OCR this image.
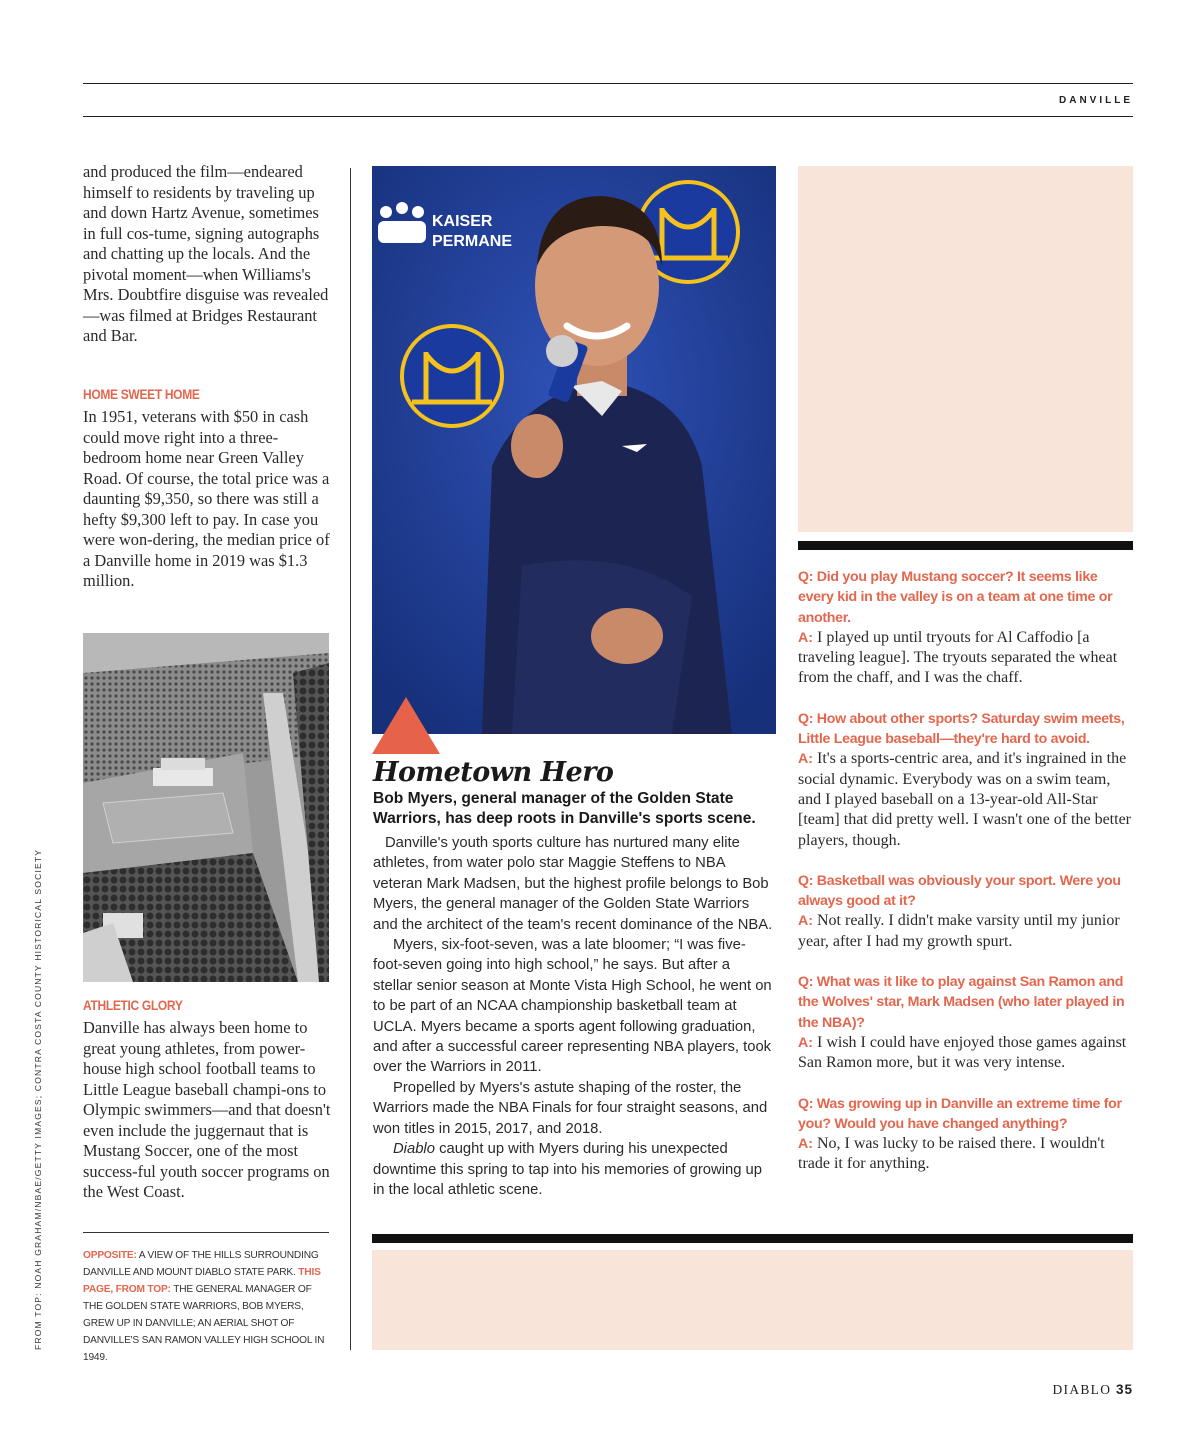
DANVILLE
and produced the film—endeared himself to residents by traveling up and down Hartz Avenue, sometimes in full cos-tume, signing autographs and chatting up the locals. And the pivotal moment—when Williams's Mrs. Doubtfire disguise was revealed—was filmed at Bridges Restaurant and Bar.
HOME SWEET HOME
In 1951, veterans with $50 in cash could move right into a three-bedroom home near Green Valley Road. Of course, the total price was a daunting $9,350, so there was still a hefty $9,300 left to pay. In case you were won-dering, the median price of a Danville home in 2019 was $1.3 million.
ATHLETIC GLORY
Danville has always been home to great young athletes, from power-house high school football teams to Little League baseball champi-ons to Olympic swimmers—and that doesn't even include the juggernaut that is Mustang Soccer, one of the most success-ful youth soccer programs on the West Coast.
OPPOSITE: A VIEW OF THE HILLS SURROUNDING DANVILLE AND MOUNT DIABLO STATE PARK. THIS PAGE, FROM TOP: THE GENERAL MANAGER OF THE GOLDEN STATE WARRIORS, BOB MYERS, GREW UP IN DANVILLE; AN AERIAL SHOT OF DANVILLE'S SAN RAMON VALLEY HIGH SCHOOL IN 1949.
FROM TOP: NOAH GRAHAM/NBAE/GETTY IMAGES; CONTRA COSTA COUNTY HISTORICAL SOCIETY
KAISER
PERMANE
Hometown Hero
Bob Myers, general manager of the Golden State Warriors, has deep roots in Danville's sports scene.

Danville's youth sports culture has nurtured many elite athletes, from water polo star Maggie Steffens to NBA veteran Mark Madsen, but the highest profile belongs to Bob Myers, the general manager of the Golden State Warriors and the architect of the team's recent dominance of the NBA.

Myers, six-foot-seven, was a late bloomer; “I was five-foot-seven going into high school,” he says. But after a stellar senior season at Monte Vista High School, he went on to be part of an NCAA championship basketball team at UCLA. Myers became a sports agent following graduation, and after a successful career representing NBA players, took over the Warriors in 2011.

Propelled by Myers's astute shaping of the roster, the Warriors made the NBA Finals for four straight seasons, and won titles in 2015, 2017, and 2018.

Diablo caught up with Myers during his unexpected downtime this spring to tap into his memories of growing up in the local athletic scene.

Q: Did you play Mustang soccer? It seems like every kid in the valley is on a team at one time or another.
A: I played up until tryouts for Al Caffodio [a traveling league]. The tryouts separated the wheat from the chaff, and I was the chaff.
Q: How about other sports? Saturday swim meets, Little League baseball—they're hard to avoid.
A: It's a sports-centric area, and it's ingrained in the social dynamic. Everybody was on a swim team, and I played baseball on a 13-year-old All-Star [team] that did pretty well. I wasn't one of the better players, though.
Q: Basketball was obviously your sport. Were you always good at it?
A: Not really. I didn't make varsity until my junior year, after I had my growth spurt.
Q: What was it like to play against San Ramon and the Wolves' star, Mark Madsen (who later played in the NBA)?
A: I wish I could have enjoyed those games against San Ramon more, but it was very intense.
Q: Was growing up in Danville an extreme time for you? Would you have changed anything?
A: No, I was lucky to be raised there. I wouldn't trade it for anything.
DIABLO 35
